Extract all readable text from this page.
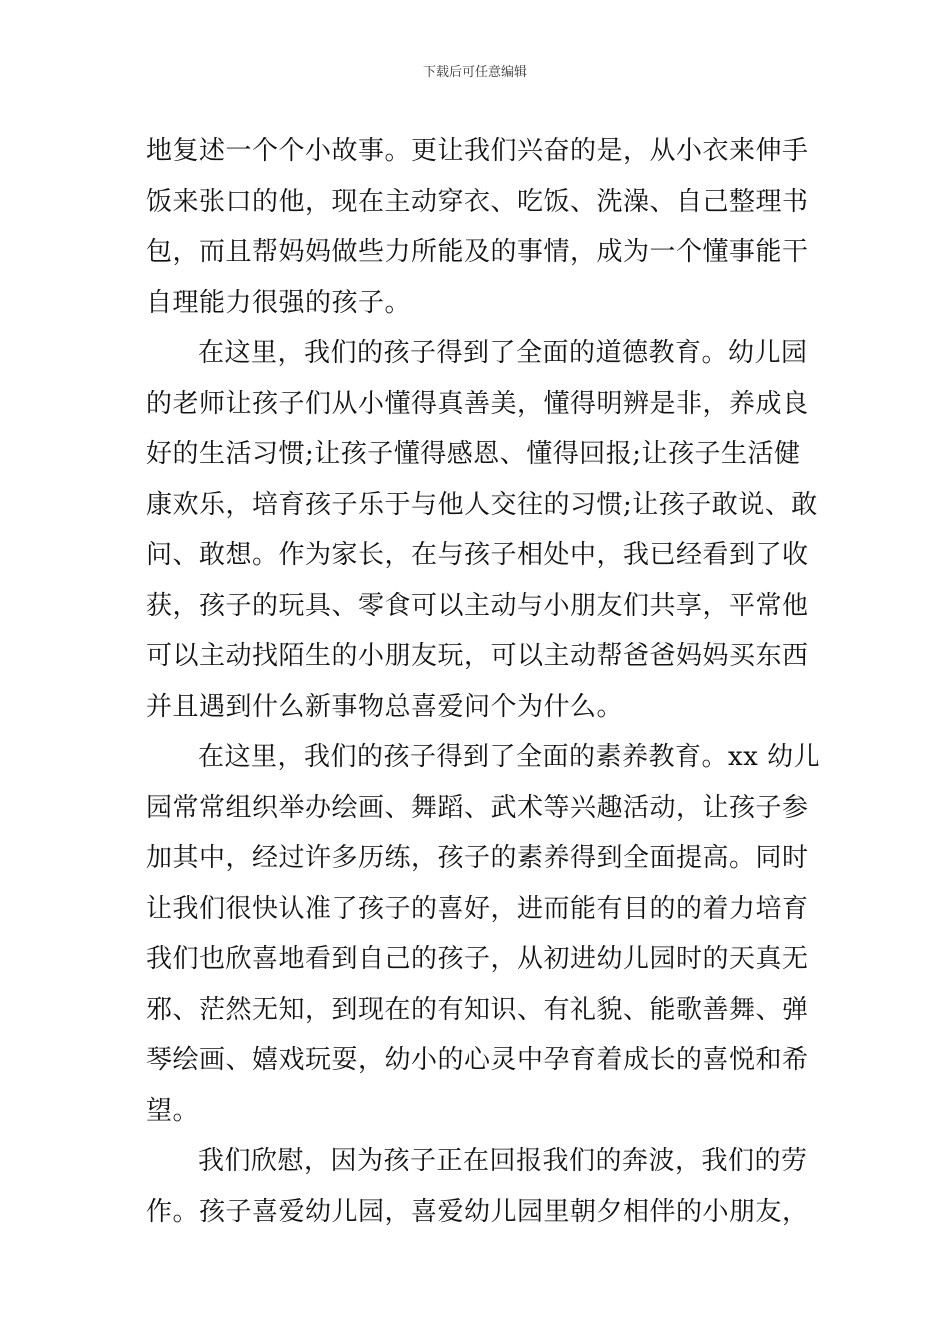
下载后可任意编辑
地复述一个个小故事。更让我们兴奋的是，从小衣来伸手
饭来张口的他，现在主动穿衣、吃饭、洗澡、自己整理书
包，而且帮妈妈做些力所能及的事情，成为一个懂事能干
自理能力很强的孩子。
在这里，我们的孩子得到了全面的道德教育。幼儿园
的老师让孩子们从小懂得真善美，懂得明辨是非，养成良
好的生活习惯;让孩子懂得感恩、懂得回报;让孩子生活健
康欢乐，培育孩子乐于与他人交往的习惯;让孩子敢说、敢
问、敢想。作为家长，在与孩子相处中，我已经看到了收
获，孩子的玩具、零食可以主动与小朋友们共享，平常他
可以主动找陌生的小朋友玩，可以主动帮爸爸妈妈买东西
并且遇到什么新事物总喜爱问个为什么。
在这里，我们的孩子得到了全面的素养教育。xx 幼儿
园常常组织举办绘画、舞蹈、武术等兴趣活动，让孩子参
加其中，经过许多历练，孩子的素养得到全面提高。同时
让我们很快认准了孩子的喜好，进而能有目的的着力培育
我们也欣喜地看到自己的孩子，从初进幼儿园时的天真无
邪、茫然无知，到现在的有知识、有礼貌、能歌善舞、弹
琴绘画、嬉戏玩耍，幼小的心灵中孕育着成长的喜悦和希
望。
我们欣慰，因为孩子正在回报我们的奔波，我们的劳
作。孩子喜爱幼儿园，喜爱幼儿园里朝夕相伴的小朋友，
